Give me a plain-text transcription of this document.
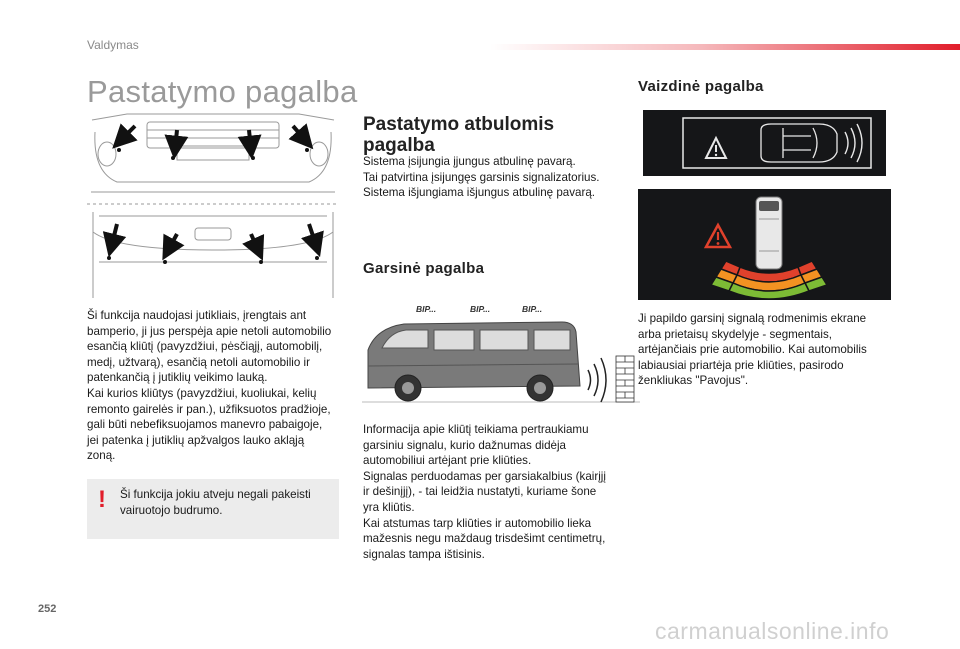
Valdymas
Pastatymo pagalba

Ši funkcija naudojasi jutikliais, įrengtais ant

bamperio, ji jus perspėja apie netoli automobilio

esančią kliūtį (pavyzdžiui, pėsčiąjį, automobilį,

medį, užtvarą), esančią netoli automobilio ir

patenkančią į jutiklių veikimo lauką.

Kai kurios kliūtys (pavyzdžiui, kuoliukai, kelių

remonto gairelės ir pan.), užfiksuotos pradžioje,

gali būti nebefiksuojamos manevro pabaigoje,

jei patenka į jutiklių apžvalgos lauko akląją

zoną.

! Ši funkcija jokiu atveju negali pakeisti

vairuotojo budrumo.

Pastatymo atbulomis
pagalba

Sistema įsijungia įjungus atbulinę pavarą.

Tai patvirtina įsijungęs garsinis signalizatorius.

Sistema išjungiama išjungus atbulinę pavarą.

Garsinė pagalba
BIP...	BIP...	BIP...

Informacija apie kliūtį teikiama pertraukiamu

garsiniu signalu, kurio dažnumas didėja

automobiliui artėjant prie kliūties.

Signalas perduodamas per garsiakalbius (kairįjį

ir dešinįjį), - tai leidžia nustatyti, kuriame šone

yra kliūtis.

Kai atstumas tarp kliūties ir automobilio lieka

mažesnis negu maždaug trisdešimt centimetrų,

signalas tampa ištisinis.

Vaizdinė pagalba

Ji papildo garsinį signalą rodmenimis ekrane

arba prietaisų skydelyje - segmentais,

artėjančiais prie automobilio. Kai automobilis

labiausiai priartėja prie kliūties, pasirodo

ženkliukas "Pavojus".

252
carmanualsonline.info
